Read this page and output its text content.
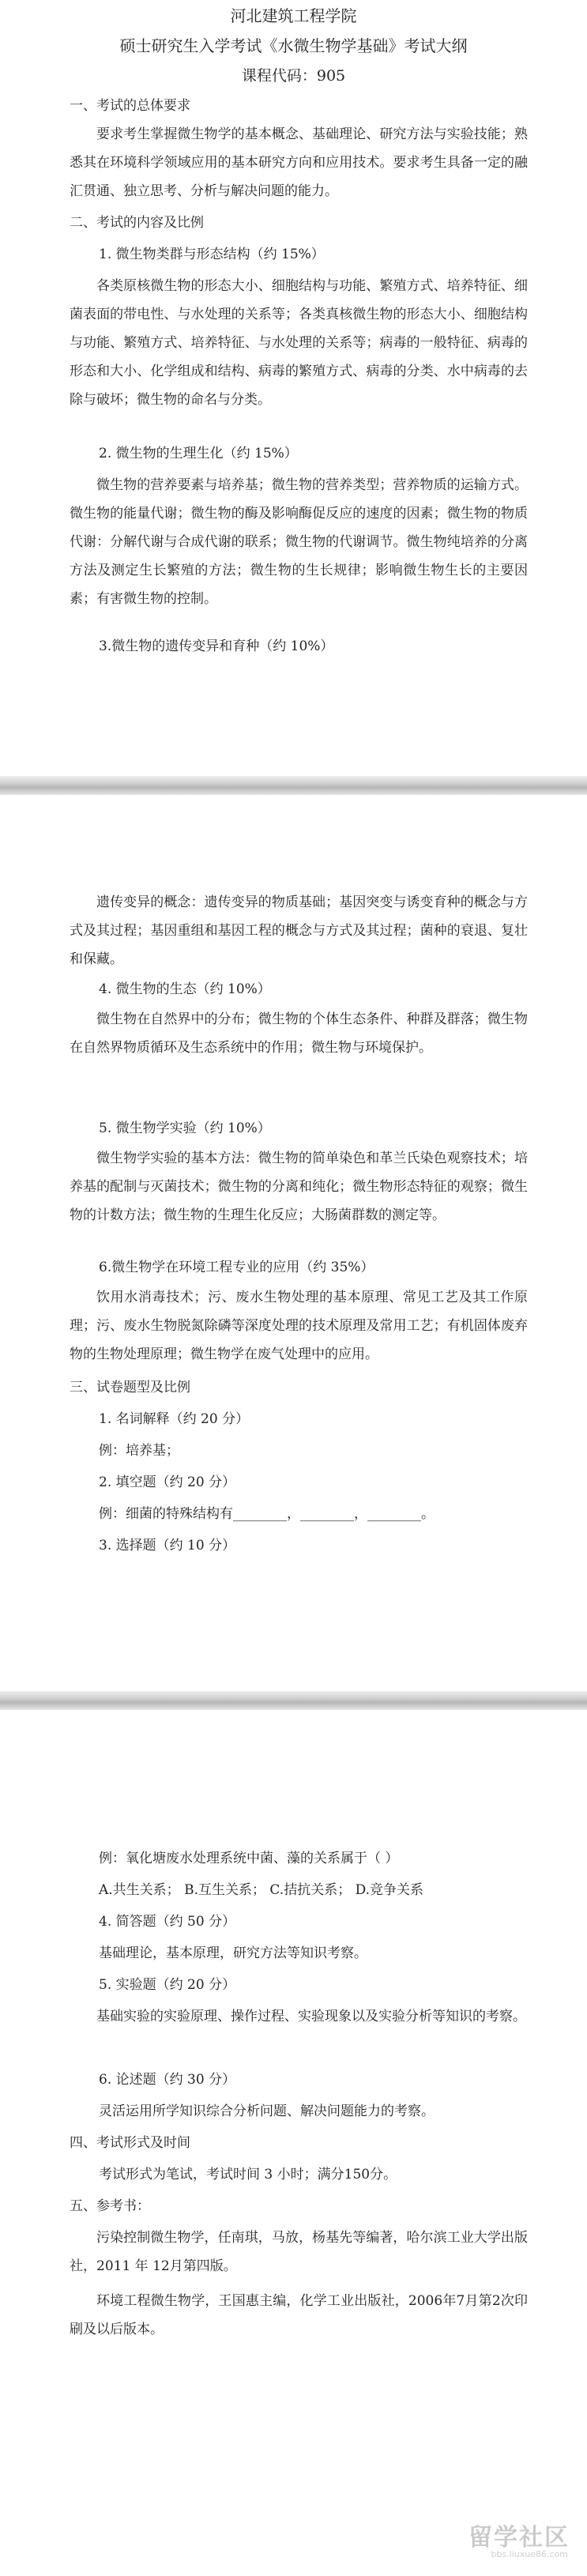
河北建筑工程学院

硕士研究生入学考试《水微生物学基础》考试大纲

课程代码：905

一、考试的总体要求

要求考生掌握微生物学的基本概念、基础理论、研究方法与实验技能；熟悉其在环境科学领域应用的基本研究方向和应用技术。要求考生具备一定的融汇贯通、独立思考、分析与解决问题的能力。

二、考试的内容及比例

1. 微生物类群与形态结构（约 15%）

各类原核微生物的形态大小、细胞结构与功能、繁殖方式、培养特征、细菌表面的带电性、与水处理的关系等；各类真核微生物的形态大小、细胞结构与功能、繁殖方式、培养特征、与水处理的关系等；病毒的一般特征、病毒的形态和大小、化学组成和结构、病毒的繁殖方式、病毒的分类、水中病毒的去除与破坏；微生物的命名与分类。

2. 微生物的生理生化（约 15%）

微生物的营养要素与培养基；微生物的营养类型；营养物质的运输方式。微生物的能量代谢；微生物的酶及影响酶促反应的速度的因素；微生物的物质代谢：分解代谢与合成代谢的联系；微生物的代谢调节。微生物纯培养的分离方法及测定生长繁殖的方法；微生物的生长规律；影响微生物生长的主要因素；有害微生物的控制。

3.微生物的遗传变异和育种（约 10%）

遗传变异的概念：遗传变异的物质基础；基因突变与诱变育种的概念与方式及其过程；基因重组和基因工程的概念与方式及其过程；菌种的衰退、复壮和保藏。

4. 微生物的生态（约 10%）

微生物在自然界中的分布；微生物的个体生态条件、种群及群落；微生物在自然界物质循环及生态系统中的作用；微生物与环境保护。

5. 微生物学实验（约 10%）

微生物学实验的基本方法：微生物的简单染色和革兰氏染色观察技术；培养基的配制与灭菌技术；微生物的分离和纯化；微生物形态特征的观察；微生物的计数方法；微生物的生理生化反应；大肠菌群数的测定等。

6.微生物学在环境工程专业的应用（约 35%）

饮用水消毒技术；污、废水生物处理的基本原理、常见工艺及其工作原理；污、废水生物脱氮除磷等深度处理的技术原理及常用工艺；有机固体废弃物的生物处理原理；微生物学在废气处理中的应用。

三、试卷题型及比例

1. 名词解释（约 20 分）

例：培养基；

2. 填空题（约 20 分）

例：细菌的特殊结构有________，________，________。

3. 选择题（约 10 分）

例：氧化塘废水处理系统中菌、藻的关系属于（ ）

A.共生关系； B.互生关系； C.拮抗关系； D.竞争关系

4. 简答题（约 50 分）

基础理论，基本原理，研究方法等知识考察。

5. 实验题（约 20 分）

基础实验的实验原理、操作过程、实验现象以及实验分析等知识的考察。

6. 论述题（约 30 分）

灵活运用所学知识综合分析问题、解决问题能力的考察。

四、考试形式及时间

考试形式为笔试，考试时间 3 小时；满分150分。

五、参考书：

污染控制微生物学，任南琪，马放，杨基先等编著，哈尔滨工业大学出版社，2011 年 12月第四版。

环境工程微生物学，王国惠主编，化学工业出版社，2006年7月第2次印刷及以后版本。

留学社区
bbs.liuxue86.com
